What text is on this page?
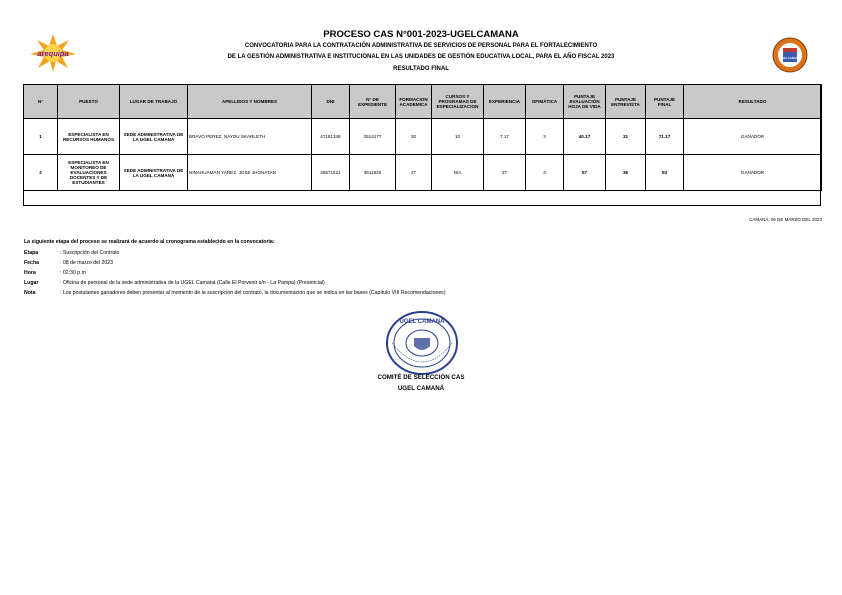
arequipa
UGEL CAMANÁ
PROCESO CAS N°001-2023-UGELCAMANA
CONVOCATORIA PARA LA CONTRATACIÓN ADMINISTRATIVA DE SERVICIOS DE PERSONAL PARA EL FORTALECIMIENTO
DE LA GESTIÓN ADMINISTRATIVA E INSTITUCIONAL EN LAS UNIDADES DE GESTIÓN EDUCATIVA LOCAL, PARA EL AÑO FISCAL 2023
RESULTADO FINAL
N°	PUESTO	LUGAR DE TRABAJO	APELLIDOS Y NOMBRES	DNI	N° DE EXPEDIENTE	FORMACION ACADEMICA	CURSOS Y PROGRAMAS DE ESPECIALIZACION	EXPERIENCIA	OFIMÁTICA	PUNTAJE EVALUACIÓN HOJA DE VIDA	PUNTAJE ENTREVISTA	PUNTAJE FINAL	RESULTADO
1	ESPECIALISTA EN RECURSOS HUMANOS	SEDE ADMINISTRATIVA DE LA UGEL CAMANÁ	BRAVO PEREZ, NAYDU SKARLETH	47191348	3514177	20	10	7.17	3	40.17	31	71.17	GANADOR
2	ESPECIALISTA EN MONITOREO DE EVALUACIONES DOCENTES Y DE ESTUDIANTES	SEDE ADMINISTRATIVA DE LA UGEL CAMANÁ	NINAHUAMAN YAÑEZ, JOSE JHONATAN	46571521	3511925	27	N/A	27	3	57	36	93	GANADOR
CAMANÁ, 06 DE MARZO DEL 2023
La siguiente etapa del proceso se realizará de acuerdo al cronograma establecido en la convocatoria:
Etapa	: Suscripción del Contrato
Fecha	: 08 de marzo del 2023
Hora	: 02:30 p.m
Lugar	: Oficina de personal de la sede administrativa de la UGEL Camaná (Calle El Porvenir s/n - La Pampa) (Presencial)
Nota	: Los postulantes ganadores deben presentar al momento de la suscripción del contrato, la documentación que se indica en las bases (Capítulo VIII Recomendaciones)
UGEL CAMANÁ
COMITÉ DE SELECCIÓN CAS
UGEL CAMANÁ
